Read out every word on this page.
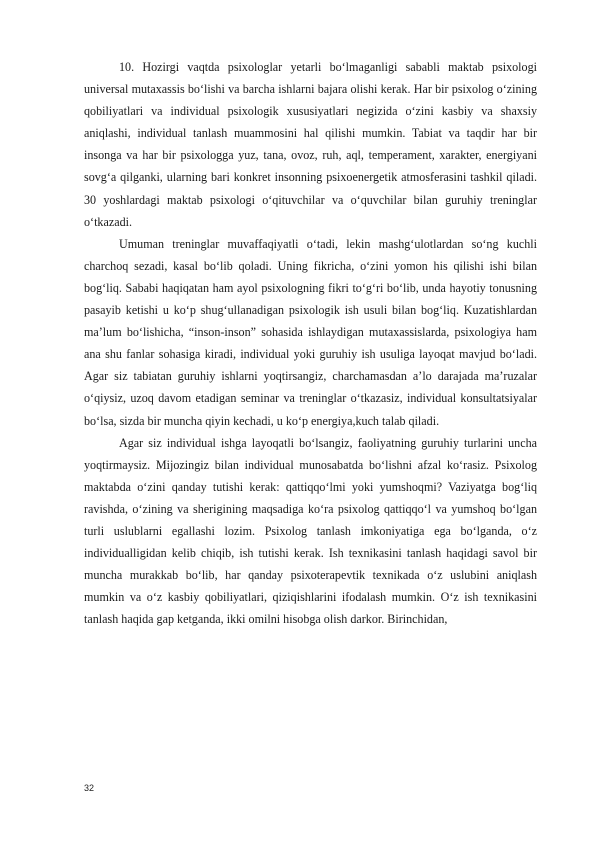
10. Hozirgi vaqtda psixologlar yetarli bo‘lmaganligi sababli maktab psixologi universal mutaxassis bo‘lishi va barcha ishlarni bajara olishi kerak. Har bir psixolog o‘zining qobiliyatlari va individual psixologik xususiyatlari negizida o‘zini kasbiy va shaxsiy aniqlashi, individual tanlash muammosini hal qilishi mumkin. Tabiat va taqdir har bir insonga va har bir psixologga yuz, tana, ovoz, ruh, aql, temperament, xarakter, energiyani sovg‘a qilganki, ularning bari konkret insonning psixoenergetik atmosferasini tashkil qiladi. 30 yoshlardagi maktab psixologi o‘qituvchilar va o‘quvchilar bilan guruhiy treninglar o‘tkazadi.

Umuman treninglar muvaffaqiyatli o‘tadi, lekin mashg‘ulotlardan so‘ng kuchli charchoq sezadi, kasal bo‘lib qoladi. Uning fikricha, o‘zini yomon his qilishi ishi bilan bog‘liq. Sababi haqiqatan ham ayol psixologning fikri to‘g‘ri bo‘lib, unda hayotiy tonusning pasayib ketishi u ko‘p shug‘ullanadigan psixologik ish usuli bilan bog‘liq. Kuzatishlardan ma’lum bo‘lishicha, “inson-inson” sohasida ishlaydigan mutaxassislarda, psixologiya ham ana shu fanlar sohasiga kiradi, individual yoki guruhiy ish usuliga layoqat mavjud bo‘ladi. Agar siz tabiatan guruhiy ishlarni yoqtirsangiz, charchamasdan a’lo darajada ma’ruzalar o‘qiysiz, uzoq davom etadigan seminar va treninglar o‘tkazasiz, individual konsultatsiyalar bo‘lsa, sizda bir muncha qiyin kechadi, u ko‘p energiya,kuch talab qiladi.

Agar siz individual ishga layoqatli bo‘lsangiz, faoliyatning guruhiy turlarini uncha yoqtirmaysiz. Mijozingiz bilan individual munosabatda bo‘lishni afzal ko‘rasiz. Psixolog maktabda o‘zini qanday tutishi kerak: qattiqqo‘lmi yoki yumshoqmi? Vaziyatga bog‘liq ravishda, o‘zining va sherigining maqsadiga ko‘ra psixolog qattiqqo‘l va yumshoq bo‘lgan turli uslublarni egallashi lozim. Psixolog tanlash imkoniyatiga ega bo‘lganda, o‘z individualligidan kelib chiqib, ish tutishi kerak. Ish texnikasini tanlash haqidagi savol bir muncha murakkab bo‘lib, har qanday psixoterapevtik texnikada o‘z uslubini aniqlash mumkin va o‘z kasbiy qobiliyatlari, qiziqishlarini ifodalash mumkin. O‘z ish texnikasini tanlash haqida gap ketganda, ikki omilni hisobga olish darkor. Birinchidan,

32
